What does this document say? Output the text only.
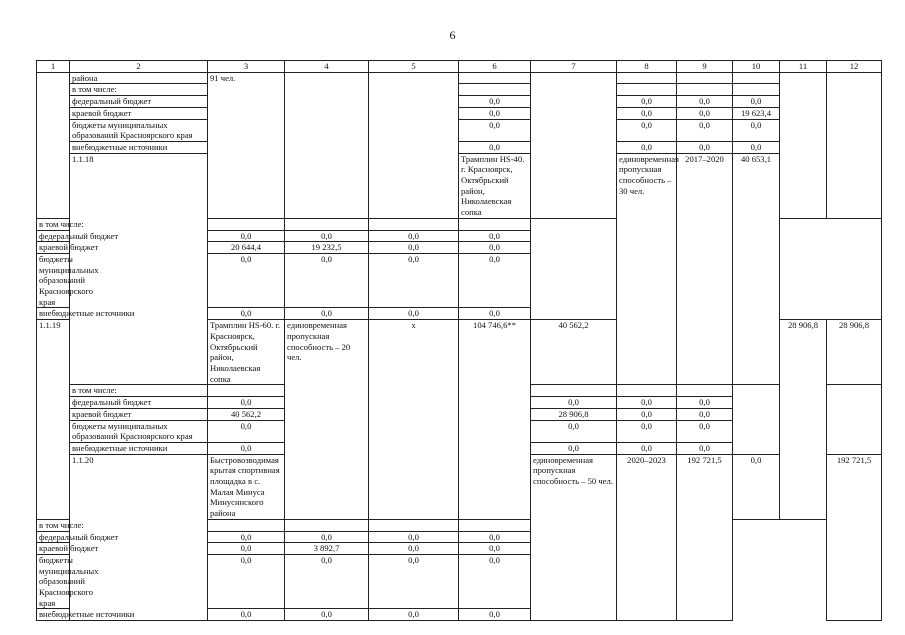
6
1	2	3	4	5	6	7	8	9	10	11	12	
	района	91 чел.										
	в том числе:											
	федеральный бюджет				0,0		0,0	0,0	0,0			
	краевой бюджет				0,0		0,0	0,0	19 623,4			
	бюджеты муниципальных образований Красноярского края				0,0		0,0	0,0	0,0			
	внебюджетные источники				0,0		0,0	0,0	0,0			
	1.1.18				Трамплин HS-40. г. Красноярск, Октябрьский район, Николаевская сопка		единовременная пропускная способность – 30 чел.	2017–2020	40 653,1							
в том числе:												
федеральный бюджет		0,0	0,0	0,0	0,0							
краевой бюджет		20 644,4	19 232,5	0,0	0,0							
бюджеты муниципальных образований Красноярского края		0,0	0,0	0,0	0,0							
внебюджетные источники		0,0	0,0	0,0	0,0							
1.1.19		Трамплин HS-60. г. Красноярск, Октябрьский район, Николаевская сопка	единовременная пропускная способность – 20 чел.	х	104 746,6**	40 562,2				28 906,8	28 906,8				
	в том числе:											
	федеральный бюджет	0,0				0,0	0,0	0,0				
	краевой бюджет	40 562,2				28 906,8	0,0	0,0				
	бюджеты муниципальных образований Красноярского края	0,0				0,0	0,0	0,0				
	внебюджетные источники	0,0				0,0	0,0	0,0				
	1.1.20	Быстровозводимая крытая спортивная площадка в с. Малая Минуса Минусинского района				единовременная пропускная способность – 50 чел.	2020–2023	192 721,5	0,0		192 721,5					
в том числе:												
федеральный бюджет		0,0	0,0	0,0	0,0							
краевой бюджет		0,0	3 892,7	0,0	0,0							
бюджеты муниципальных образований Красноярского края		0,0	0,0	0,0	0,0							
внебюджетные источники		0,0	0,0	0,0	0,0							
